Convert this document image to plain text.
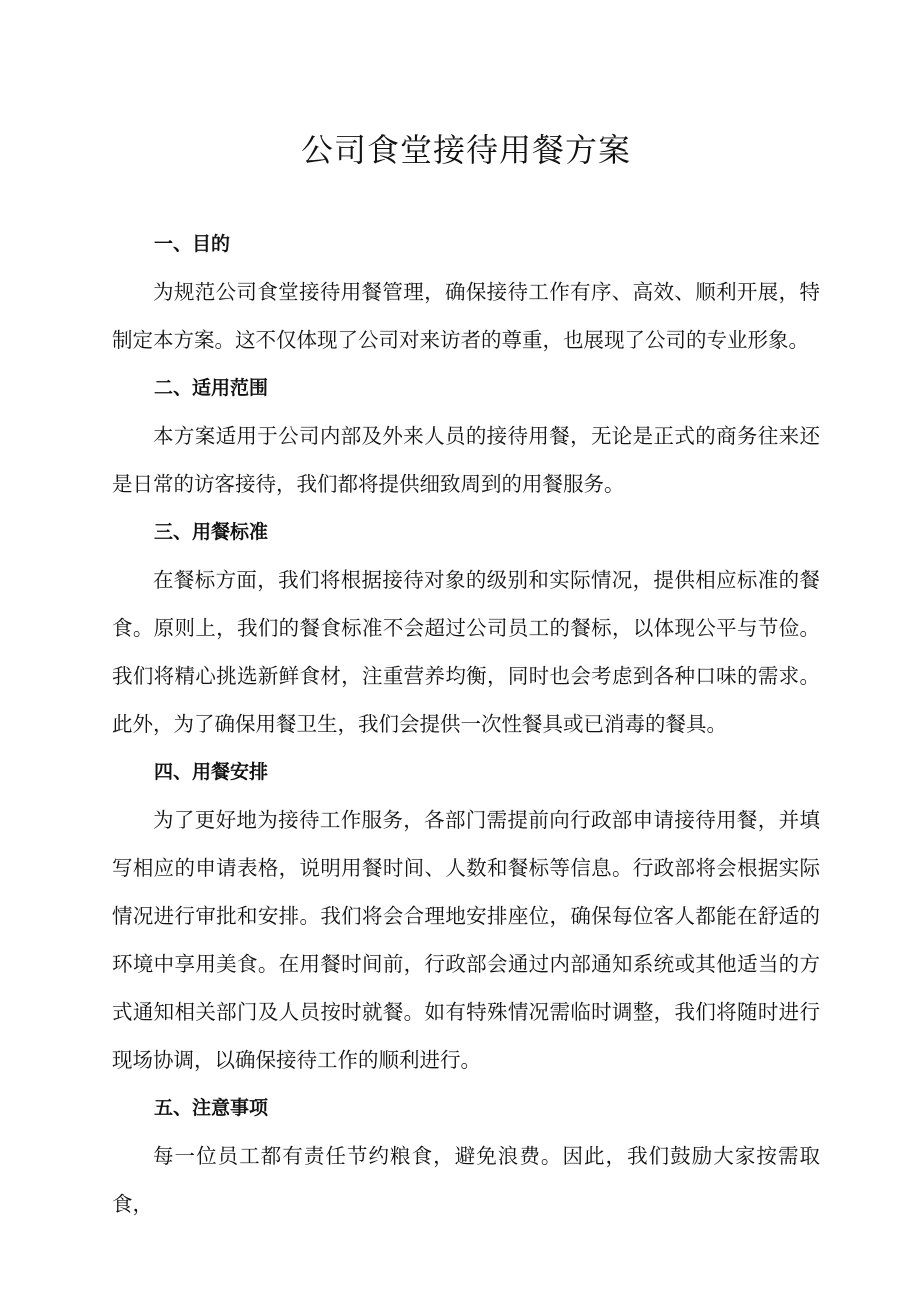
公司食堂接待用餐方案
一、目的

为规范公司食堂接待用餐管理，确保接待工作有序、高效、顺利开展，特制定本方案。这不仅体现了公司对来访者的尊重，也展现了公司的专业形象。

二、适用范围

本方案适用于公司内部及外来人员的接待用餐，无论是正式的商务往来还是日常的访客接待，我们都将提供细致周到的用餐服务。

三、用餐标准

在餐标方面，我们将根据接待对象的级别和实际情况，提供相应标准的餐食。原则上，我们的餐食标准不会超过公司员工的餐标，以体现公平与节俭。我们将精心挑选新鲜食材，注重营养均衡，同时也会考虑到各种口味的需求。此外，为了确保用餐卫生，我们会提供一次性餐具或已消毒的餐具。

四、用餐安排

为了更好地为接待工作服务，各部门需提前向行政部申请接待用餐，并填写相应的申请表格，说明用餐时间、人数和餐标等信息。行政部将会根据实际情况进行审批和安排。我们将会合理地安排座位，确保每位客人都能在舒适的环境中享用美食。在用餐时间前，行政部会通过内部通知系统或其他适当的方式通知相关部门及人员按时就餐。如有特殊情况需临时调整，我们将随时进行现场协调，以确保接待工作的顺利进行。

五、注意事项

每一位员工都有责任节约粮食，避免浪费。因此，我们鼓励大家按需取食，
